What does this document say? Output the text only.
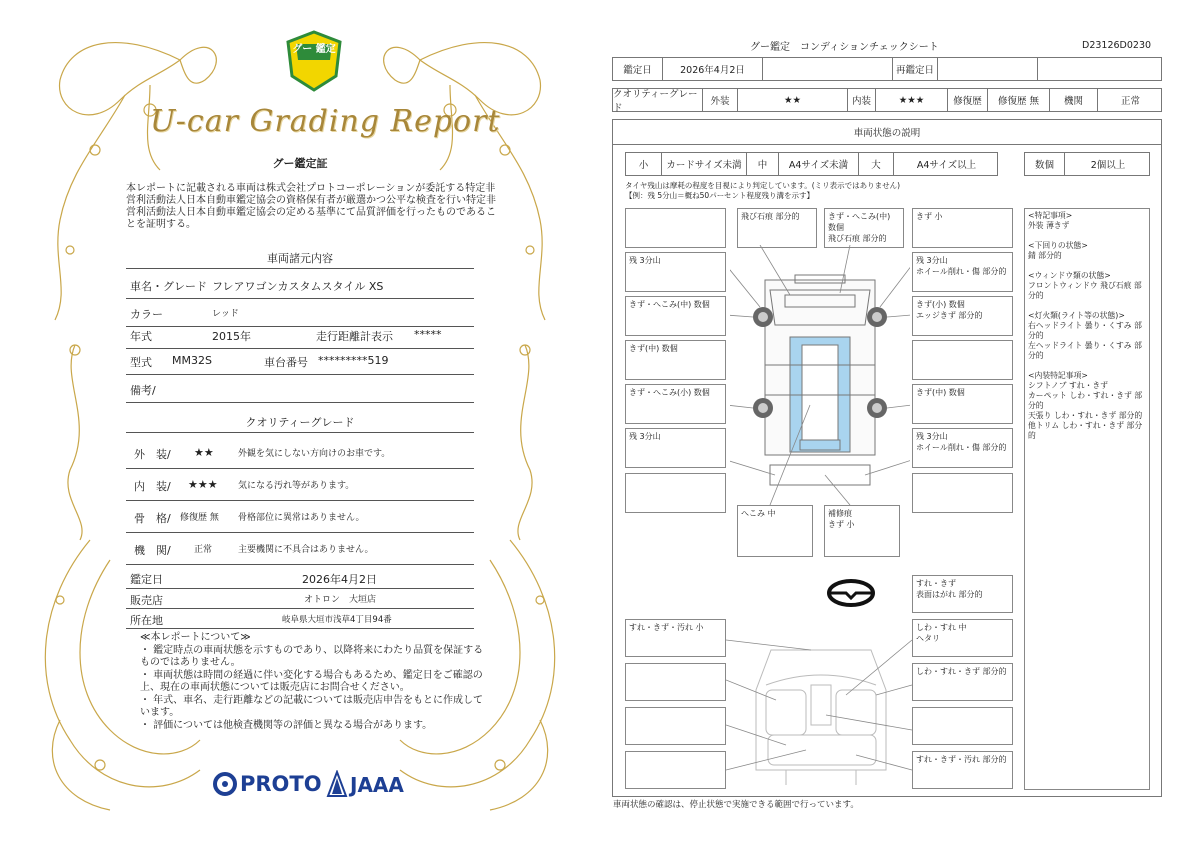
グー 鑑定
U-car Grading Report
グー鑑定証
本レポートに記載される車両は株式会社プロトコーポレーションが委託する特定非営利活動法人日本自動車鑑定協会の資格保有者が厳選かつ公平な検査を行い特定非営利活動法人日本自動車鑑定協会の定める基準にて品質評価を行ったものであることを証明する。
車両諸元内容
車名・グレード フレアワゴンカスタムスタイル XS
カラー	レッド
年式	2015年	走行距離計表示 *****
型式 MM32S	車台番号 *********519
備考/
クオリティーグレード
外　装/ ★★	外観を気にしない方向けのお車です。
内　装/ ★★★ 気になる汚れ等があります。
骨　格/ 修復歴 無 骨格部位に異常はありません。
機　関/	正常	主要機関に不具合はありません。
鑑定日	2026年4月2日
販売店	オトロン　大垣店
所在地	岐阜県大垣市浅草4丁目94番
≪本レポートについて≫
・ 鑑定時点の車両状態を示すものであり、以降将来にわたり品質を保証するものではありません。
・ 車両状態は時間の経過に伴い変化する場合もあるため、鑑定日をご確認の上、現在の車両状態については販売店にお問合せください。
・ 年式、車名、走行距離などの記載については販売店申告をもとに作成しています。
・ 評価については他検査機関等の評価と異なる場合があります。
PROTO JAAA
グー鑑定　コンディションチェックシート	D23126D0230
鑑定日	2026年4月2日	再鑑定日
クオリティーグレード
外装	★★	内装	★★★	修復歴	修復歴 無	機関	正常
車両状態の説明
小	カードサイズ未満	中	A4サイズ未満	大	A4サイズ以上	数個	2個以上
タイヤ残山は摩耗の程度を目視により判定しています。(ミリ表示ではありません)
【例：残 5分山＝概ね50パーセント程度残り溝を示す】
飛び石痕 部分的	きず・へこみ(中) 数個
飛び石痕 部分的
きず 小
残 3分山	残 3分山
ホイール削れ・傷 部分的
きず・へこみ(中) 数個	きず(小) 数個
エッジきず 部分的
きず(中) 数個
きず・へこみ(小) 数個	きず(中) 数個
残 3分山	残 3分山
ホイール削れ・傷 部分的
へこみ 中	補修痕
きず 小
すれ・きず
表面はがれ 部分的
すれ・きず・汚れ 小	しわ・すれ 中
ヘタリ
しわ・すれ・きず 部分的
すれ・きず・汚れ 部分的
<特記事項>
外装 薄きず

<下回りの状態>
錆 部分的

<ウィンドウ類の状態>
フロントウィンドウ 飛び石痕 部分的

<灯火類(ライト等の状態)>
右ヘッドライト 曇り・くすみ 部分的
左ヘッドライト 曇り・くすみ 部分的

<内装特記事項>
シフトノブ すれ・きず
カーペット しわ・すれ・きず 部分的
天張り しわ・すれ・きず 部分的
他トリム しわ・すれ・きず 部分的
車両状態の確認は、停止状態で実施できる範囲で行っています。
